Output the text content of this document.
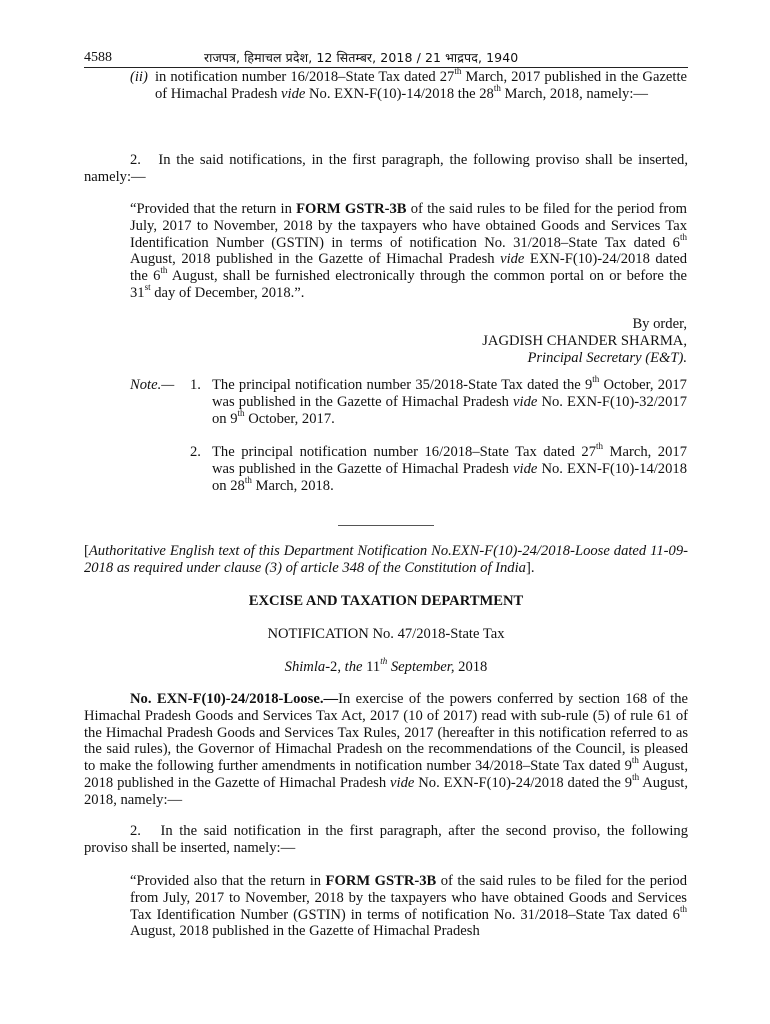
4588	राजपत्र, हिमाचल प्रदेश, 12 सितम्बर, 2018 / 21 भाद्रपद, 1940
(ii) in notification number 16/2018–State Tax dated 27th March, 2017 published in the Gazette of Himachal Pradesh vide No. EXN-F(10)-14/2018 the 28th March, 2018, namely:—

2. In the said notifications, in the first paragraph, the following proviso shall be inserted, namely:—

“Provided that the return in FORM GSTR-3B of the said rules to be filed for the period from July, 2017 to November, 2018 by the taxpayers who have obtained Goods and Services Tax Identification Number (GSTIN) in terms of notification No. 31/2018–State Tax dated 6th August, 2018 published in the Gazette of Himachal Pradesh vide EXN-F(10)-24/2018 dated the 6th August, shall be furnished electronically through the common portal on or before the 31st day of December, 2018.”.

By order,

JAGDISH CHANDER SHARMA,

Principal Secretary (E&T).

Note.— 1. The principal notification number 35/2018-State Tax dated the 9th October, 2017 was published in the Gazette of Himachal Pradesh vide No. EXN-F(10)-32/2017 on 9th October, 2017.

2. The principal notification number 16/2018–State Tax dated 27th March, 2017 was published in the Gazette of Himachal Pradesh vide No. EXN-F(10)-14/2018 on 28th March, 2018.

[Authoritative English text of this Department Notification No.EXN-F(10)-24/2018-Loose dated 11-09-2018 as required under clause (3) of article 348 of the Constitution of India].

EXCISE AND TAXATION DEPARTMENT
NOTIFICATION No. 47/2018-State Tax

Shimla-2, the 11th September, 2018

No. EXN-F(10)-24/2018-Loose.—In exercise of the powers conferred by section 168 of the Himachal Pradesh Goods and Services Tax Act, 2017 (10 of 2017) read with sub-rule (5) of rule 61 of the Himachal Pradesh Goods and Services Tax Rules, 2017 (hereafter in this notification referred to as the said rules), the Governor of Himachal Pradesh on the recommendations of the Council, is pleased to make the following further amendments in notification number 34/2018–State Tax dated 9th August, 2018 published in the Gazette of Himachal Pradesh vide No. EXN-F(10)-24/2018 dated the 9th August, 2018, namely:—

2. In the said notification in the first paragraph, after the second proviso, the following proviso shall be inserted, namely:—

“Provided also that the return in FORM GSTR-3B of the said rules to be filed for the period from July, 2017 to November, 2018 by the taxpayers who have obtained Goods and Services Tax Identification Number (GSTIN) in terms of notification No. 31/2018–State Tax dated 6th August, 2018 published in the Gazette of Himachal Pradesh
